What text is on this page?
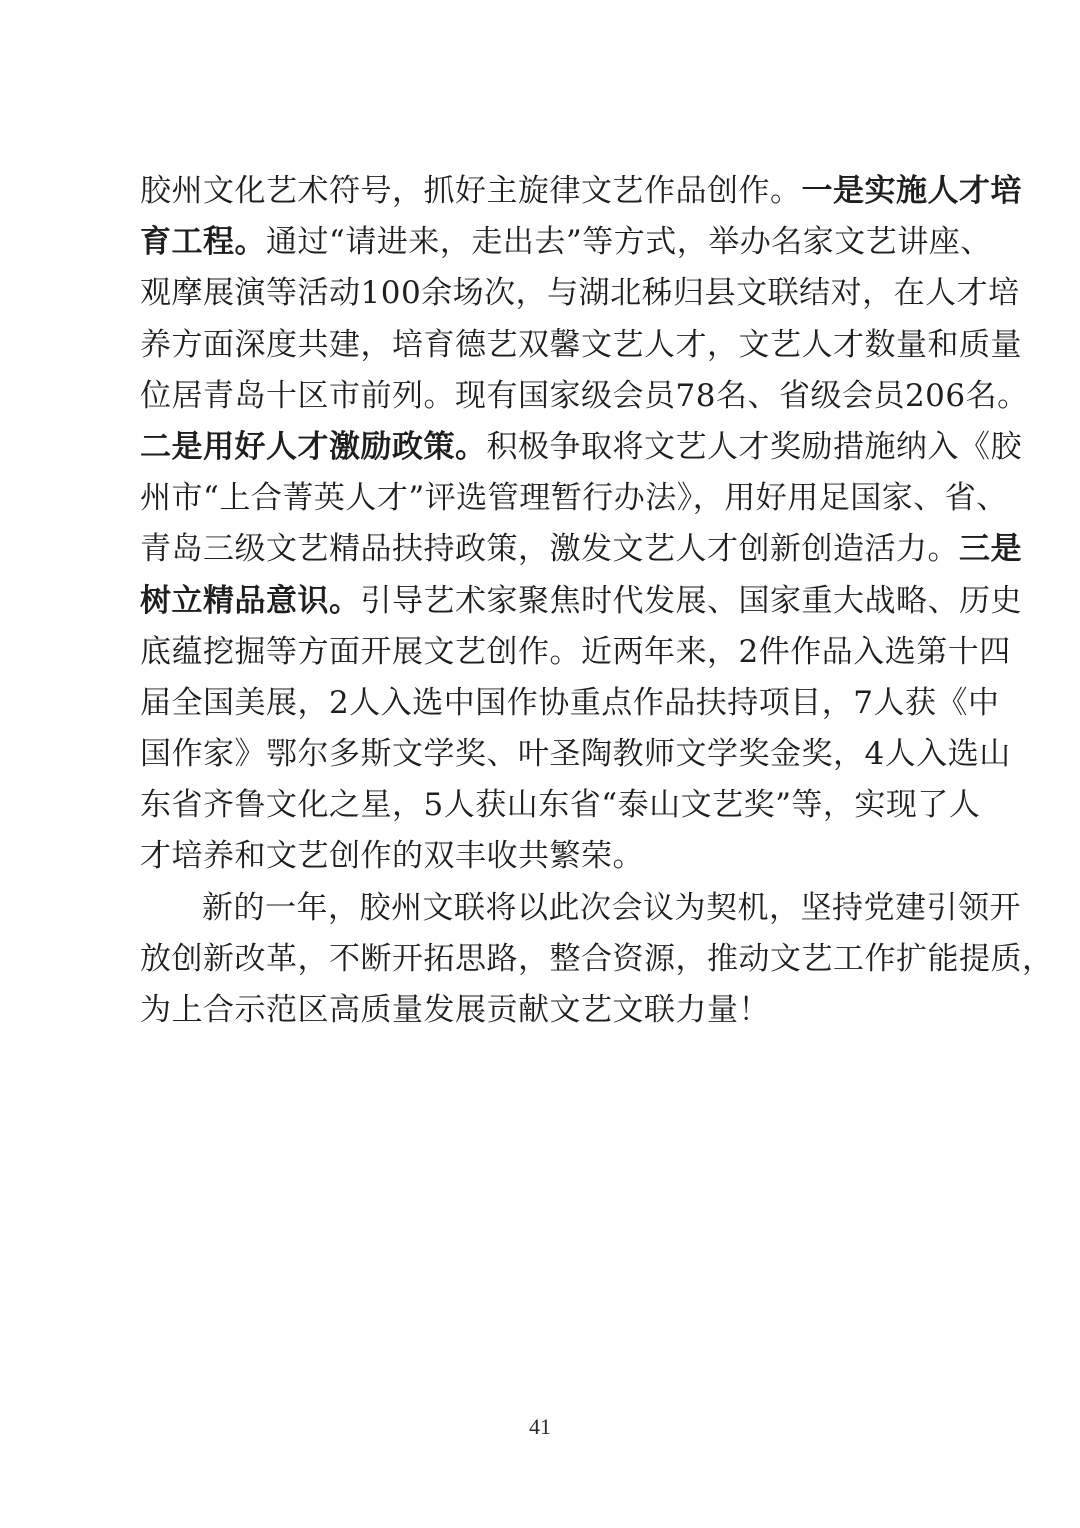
胶州文化艺术符号，抓好主旋律文艺作品创作。一是实施人才培
育工程。通过“请进来，走出去”等方式，举办名家文艺讲座、
观摩展演等活动100余场次，与湖北秭归县文联结对，在人才培
养方面深度共建，培育德艺双馨文艺人才，文艺人才数量和质量
位居青岛十区市前列。现有国家级会员78名、省级会员206名。
二是用好人才激励政策。积极争取将文艺人才奖励措施纳入《胶
州市“上合菁英人才”评选管理暂行办法》，用好用足国家、省、
青岛三级文艺精品扶持政策，激发文艺人才创新创造活力。三是
树立精品意识。引导艺术家聚焦时代发展、国家重大战略、历史
底蕴挖掘等方面开展文艺创作。近两年来，2件作品入选第十四
届全国美展，2人入选中国作协重点作品扶持项目，7人获《中
国作家》鄂尔多斯文学奖、叶圣陶教师文学奖金奖，4人入选山
东省齐鲁文化之星，5人获山东省“泰山文艺奖”等，实现了人
才培养和文艺创作的双丰收共繁荣。
新的一年，胶州文联将以此次会议为契机，坚持党建引领开
放创新改革，不断开拓思路，整合资源，推动文艺工作扩能提质，
为上合示范区高质量发展贡献文艺文联力量！
41
